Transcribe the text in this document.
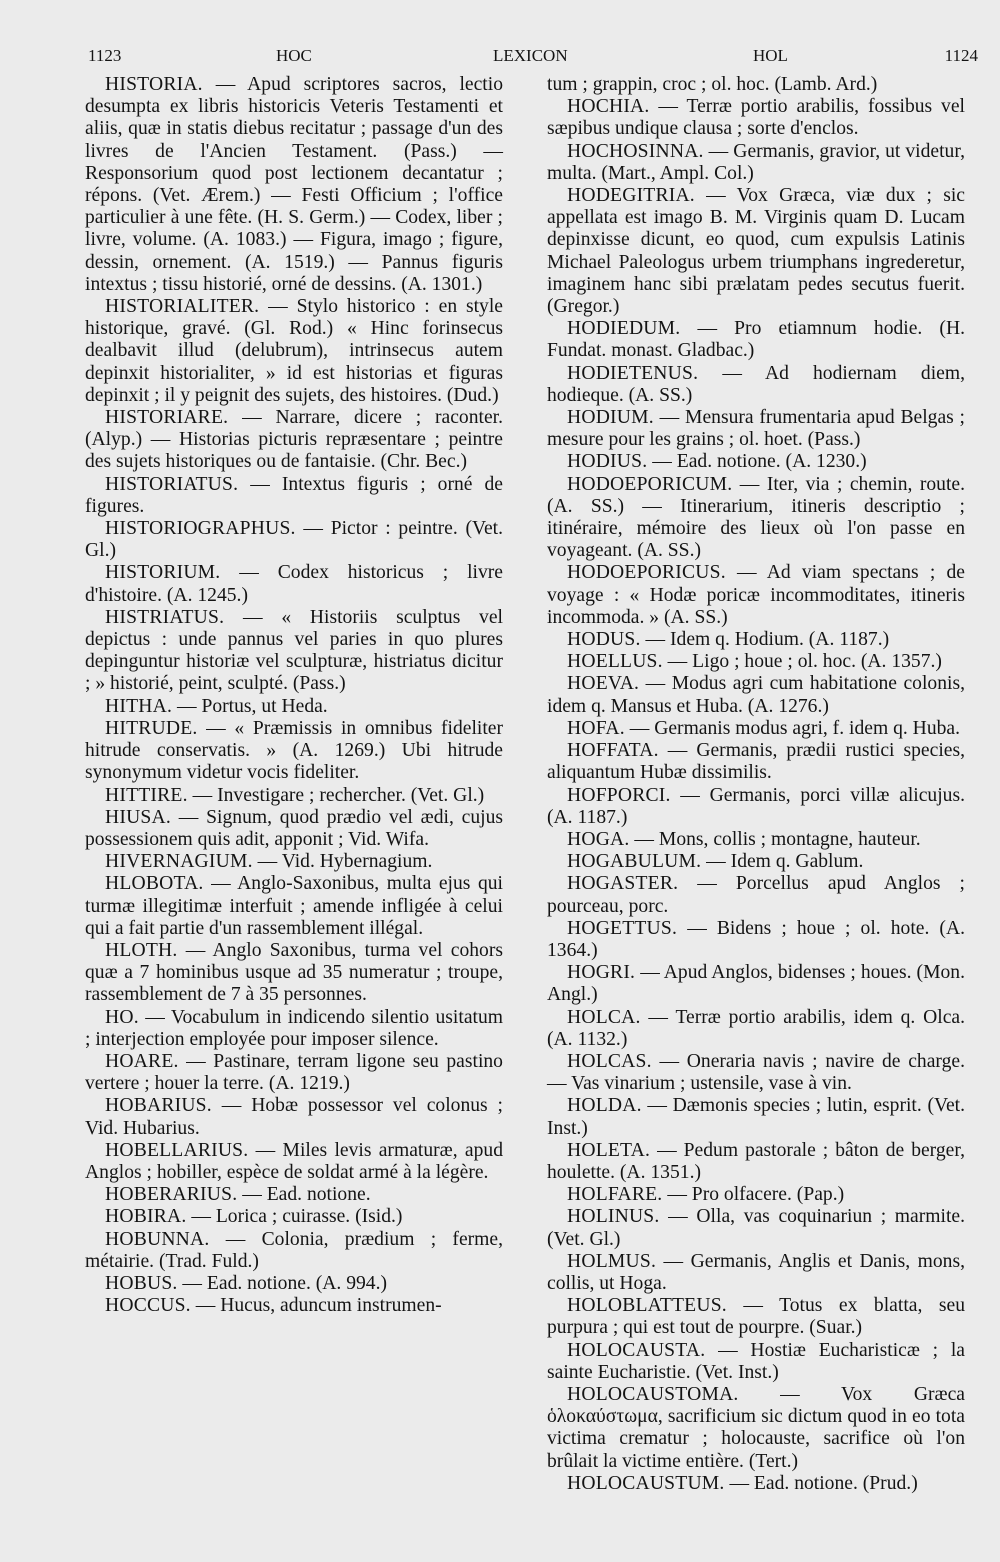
1123	HOC	LEXICON	HOL	1124

HISTORIA. — Apud scriptores sacros, lectio desumpta ex libris historicis Veteris Testamenti et aliis, quæ in statis diebus recitatur ; passage d'un des livres de l'Ancien Testament. (Pass.) — Responsorium quod post lectionem decantatur ; répons. (Vet. Ærem.) — Festi Officium ; l'office particulier à une fête. (H. S. Germ.) — Codex, liber ; livre, volume. (A. 1083.) — Figura, imago ; figure, dessin, ornement. (A. 1519.) — Pannus figuris intextus ; tissu historié, orné de dessins. (A. 1301.)

HISTORIALITER. — Stylo historico : en style historique, gravé. (Gl. Rod.) « Hinc forinsecus dealbavit illud (delubrum), intrinsecus autem depinxit historialiter, » id est historias et figuras depinxit ; il y peignit des sujets, des histoires. (Dud.)

HISTORIARE. — Narrare, dicere ; raconter. (Alyp.) — Historias picturis repræsentare ; peintre des sujets historiques ou de fantaisie. (Chr. Bec.)

HISTORIATUS. — Intextus figuris ; orné de figures.

HISTORIOGRAPHUS. — Pictor : peintre. (Vet. Gl.)

HISTORIUM. — Codex historicus ; livre d'histoire. (A. 1245.)

HISTRIATUS. — « Historiis sculptus vel depictus : unde pannus vel paries in quo plures depinguntur historiæ vel sculpturæ, histriatus dicitur ; » historié, peint, sculpté. (Pass.)

HITHA. — Portus, ut Heda.

HITRUDE. — « Præmissis in omnibus fideliter hitrude conservatis. » (A. 1269.) Ubi hitrude synonymum videtur vocis fideliter.

HITTIRE. — Investigare ; rechercher. (Vet. Gl.)

HIUSA. — Signum, quod prædio vel ædi, cujus possessionem quis adit, apponit ; Vid. Wifa.

HIVERNAGIUM. — Vid. Hybernagium.

HLOBOTA. — Anglo-Saxonibus, multa ejus qui turmæ illegitimæ interfuit ; amende infligée à celui qui a fait partie d'un rassemblement illégal.

HLOTH. — Anglo Saxonibus, turma vel cohors quæ a 7 hominibus usque ad 35 numeratur ; troupe, rassemblement de 7 à 35 personnes.

HO. — Vocabulum in indicendo silentio usitatum ; interjection employée pour imposer silence.

HOARE. — Pastinare, terram ligone seu pastino vertere ; houer la terre. (A. 1219.)

HOBARIUS. — Hobæ possessor vel colonus ; Vid. Hubarius.

HOBELLARIUS. — Miles levis armaturæ, apud Anglos ; hobiller, espèce de soldat armé à la légère.

HOBERARIUS. — Ead. notione.

HOBIRA. — Lorica ; cuirasse. (Isid.)

HOBUNNA. — Colonia, prædium ; ferme, métairie. (Trad. Fuld.)

HOBUS. — Ead. notione. (A. 994.)

HOCCUS. — Hucus, aduncum instrumen-

tum ; grappin, croc ; ol. hoc. (Lamb. Ard.)

HOCHIA. — Terræ portio arabilis, fossibus vel sæpibus undique clausa ; sorte d'enclos.

HOCHOSINNA. — Germanis, gravior, ut videtur, multa. (Mart., Ampl. Col.)

HODEGITRIA. — Vox Græca, viæ dux ; sic appellata est imago B. M. Virginis quam D. Lucam depinxisse dicunt, eo quod, cum expulsis Latinis Michael Paleologus urbem triumphans ingrederetur, imaginem hanc sibi prælatam pedes secutus fuerit. (Gregor.)

HODIEDUM. — Pro etiamnum hodie. (H. Fundat. monast. Gladbac.)

HODIETENUS. — Ad hodiernam diem, hodieque. (A. SS.)

HODIUM. — Mensura frumentaria apud Belgas ; mesure pour les grains ; ol. hoet. (Pass.)

HODIUS. — Ead. notione. (A. 1230.)

HODOEPORICUM. — Iter, via ; chemin, route. (A. SS.) — Itinerarium, itineris descriptio ; itinéraire, mémoire des lieux où l'on passe en voyageant. (A. SS.)

HODOEPORICUS. — Ad viam spectans ; de voyage : « Hodæ poricæ incommoditates, itineris incommoda. » (A. SS.)

HODUS. — Idem q. Hodium. (A. 1187.)

HOELLUS. — Ligo ; houe ; ol. hoc. (A. 1357.)

HOEVA. — Modus agri cum habitatione colonis, idem q. Mansus et Huba. (A. 1276.)

HOFA. — Germanis modus agri, f. idem q. Huba.

HOFFATA. — Germanis, prædii rustici species, aliquantum Hubæ dissimilis.

HOFPORCI. — Germanis, porci villæ alicujus. (A. 1187.)

HOGA. — Mons, collis ; montagne, hauteur.

HOGABULUM. — Idem q. Gablum.

HOGASTER. — Porcellus apud Anglos ; pourceau, porc.

HOGETTUS. — Bidens ; houe ; ol. hote. (A. 1364.)

HOGRI. — Apud Anglos, bidenses ; houes. (Mon. Angl.)

HOLCA. — Terræ portio arabilis, idem q. Olca. (A. 1132.)

HOLCAS. — Oneraria navis ; navire de charge. — Vas vinarium ; ustensile, vase à vin.

HOLDA. — Dæmonis species ; lutin, esprit. (Vet. Inst.)

HOLETA. — Pedum pastorale ; bâton de berger, houlette. (A. 1351.)

HOLFARE. — Pro olfacere. (Pap.)

HOLINUS. — Olla, vas coquinariun ; marmite. (Vet. Gl.)

HOLMUS. — Germanis, Anglis et Danis, mons, collis, ut Hoga.

HOLOBLATTEUS. — Totus ex blatta, seu purpura ; qui est tout de pourpre. (Suar.)

HOLOCAUSTA. — Hostiæ Eucharisticæ ; la sainte Eucharistie. (Vet. Inst.)

HOLOCAUSTOMA. — Vox Græca ὁλοκαύστωμα, sacrificium sic dictum quod in eo tota victima crematur ; holocauste, sacrifice où l'on brûlait la victime entière. (Tert.)

HOLOCAUSTUM. — Ead. notione. (Prud.)
